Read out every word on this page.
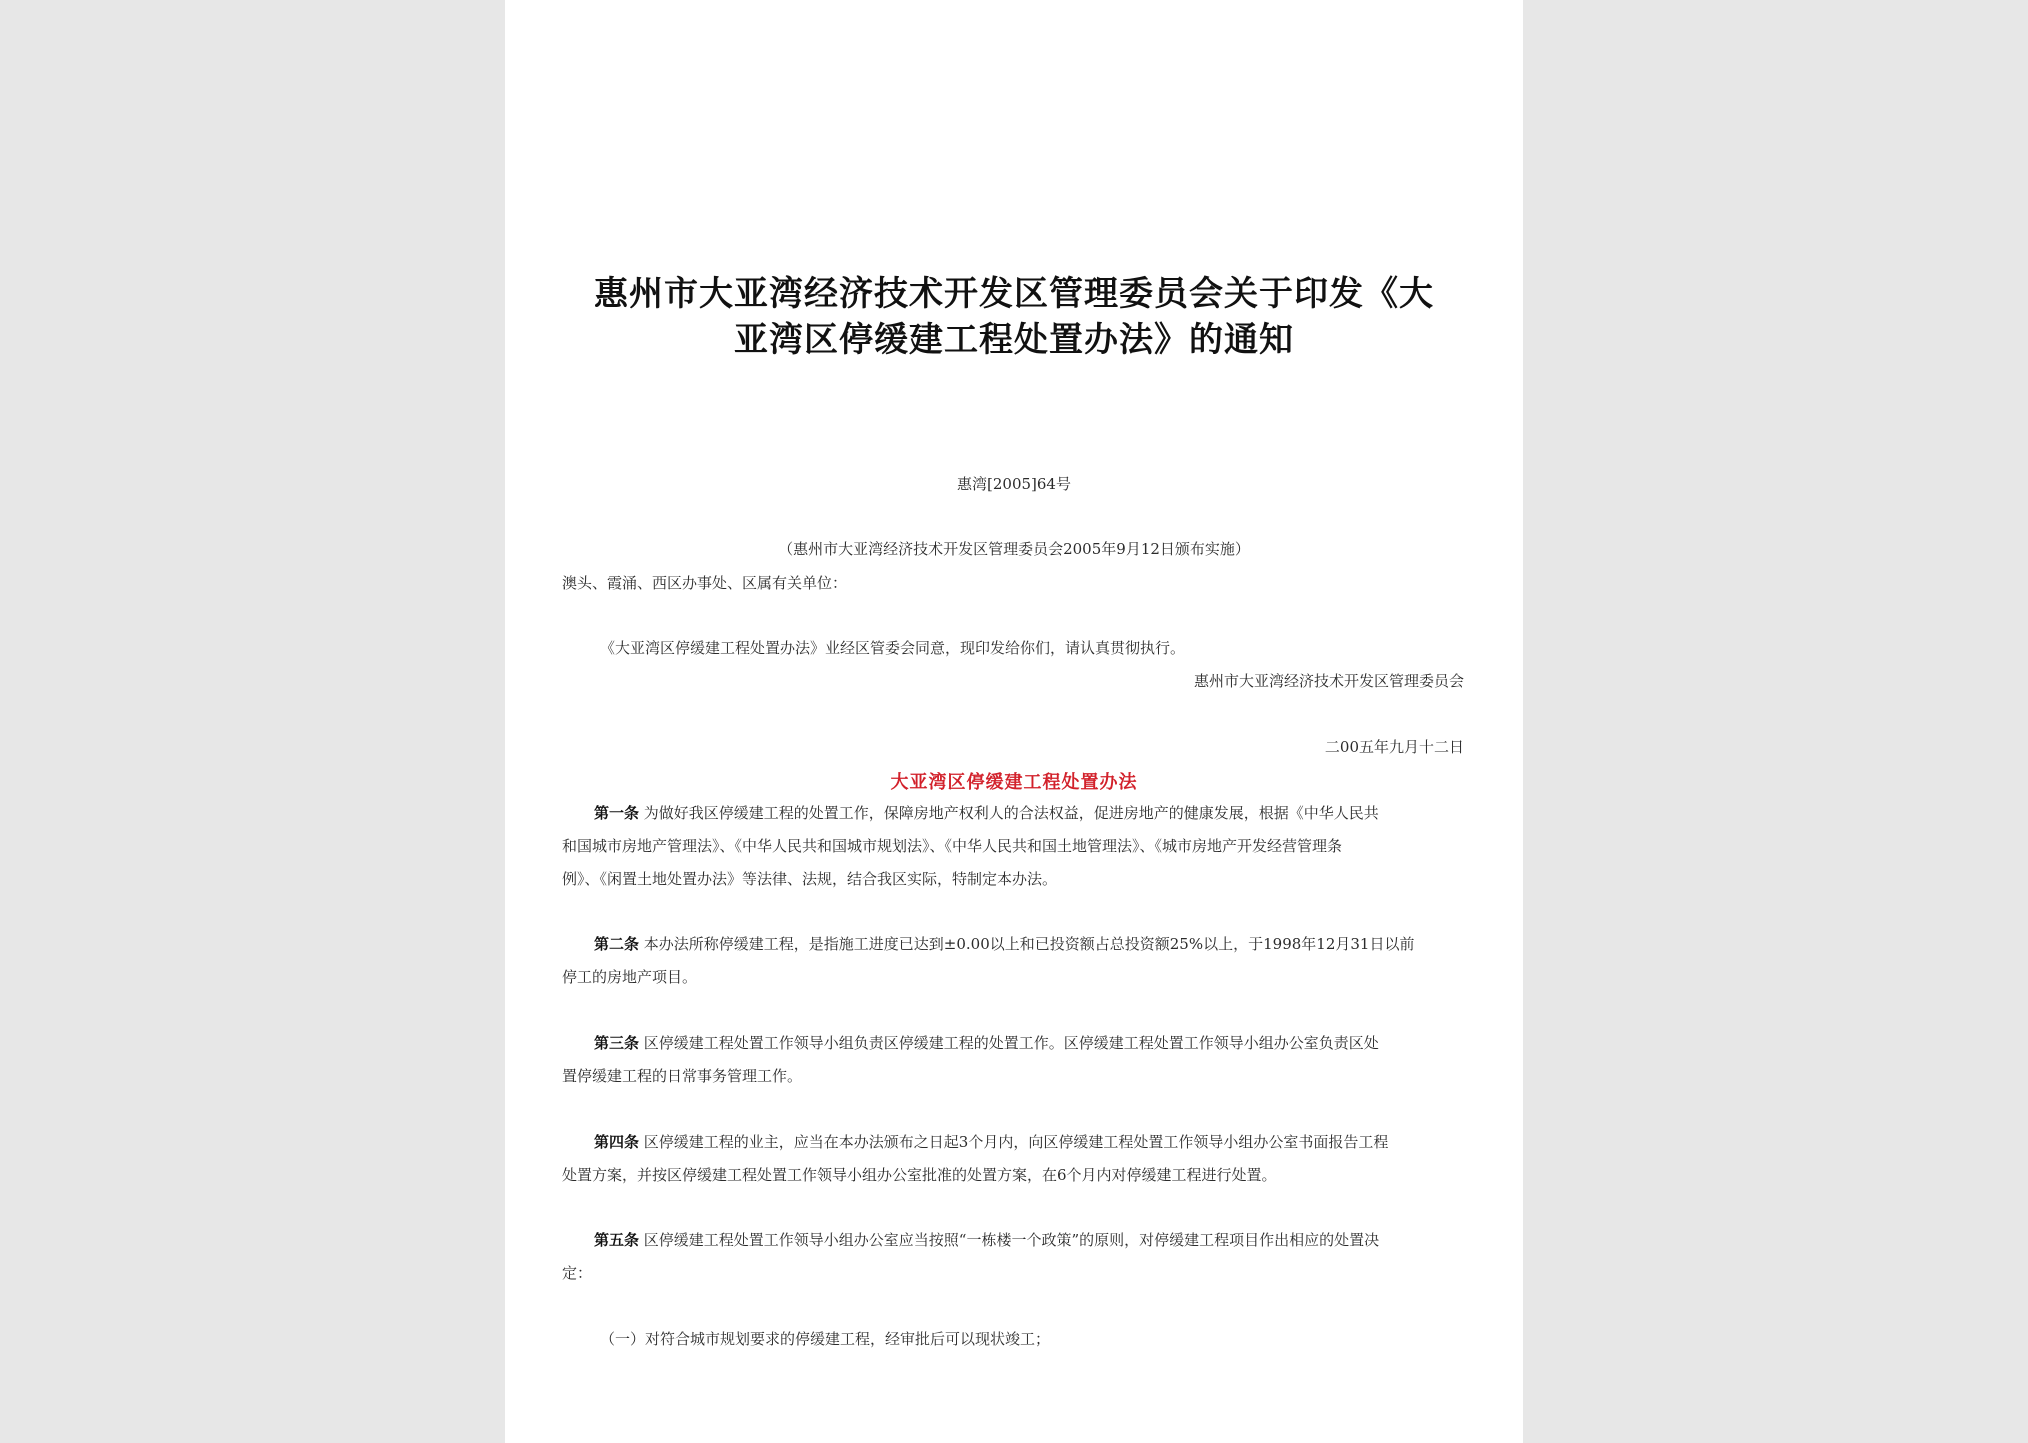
惠州市大亚湾经济技术开发区管理委员会关于印发《大
亚湾区停缓建工程处置办法》的通知
惠湾[2005]64号
（惠州市大亚湾经济技术开发区管理委员会2005年9月12日颁布实施）
澳头、霞涌、西区办事处、区属有关单位：
《大亚湾区停缓建工程处置办法》业经区管委会同意，现印发给你们，请认真贯彻执行。
惠州市大亚湾经济技术开发区管理委员会
二00五年九月十二日
大亚湾区停缓建工程处置办法
第一条 为做好我区停缓建工程的处置工作，保障房地产权利人的合法权益，促进房地产的健康发展，根据《中华人民共
和国城市房地产管理法》、《中华人民共和国城市规划法》、《中华人民共和国土地管理法》、《城市房地产开发经营管理条
例》、《闲置土地处置办法》等法律、法规，结合我区实际，特制定本办法。
第二条 本办法所称停缓建工程，是指施工进度已达到±0.00以上和已投资额占总投资额25%以上，于1998年12月31日以前
停工的房地产项目。
第三条 区停缓建工程处置工作领导小组负责区停缓建工程的处置工作。区停缓建工程处置工作领导小组办公室负责区处
置停缓建工程的日常事务管理工作。
第四条 区停缓建工程的业主，应当在本办法颁布之日起3个月内，向区停缓建工程处置工作领导小组办公室书面报告工程
处置方案，并按区停缓建工程处置工作领导小组办公室批准的处置方案，在6个月内对停缓建工程进行处置。
第五条 区停缓建工程处置工作领导小组办公室应当按照“一栋楼一个政策”的原则，对停缓建工程项目作出相应的处置决
定：
（一）对符合城市规划要求的停缓建工程，经审批后可以现状竣工；
